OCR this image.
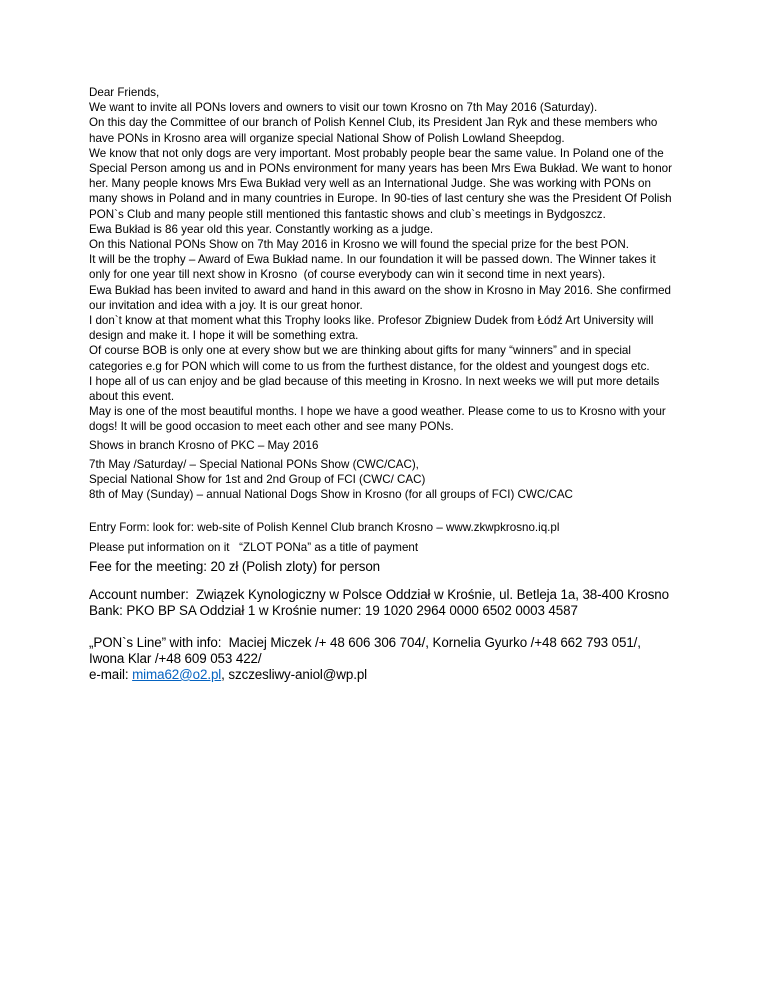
Dear Friends,
We want to invite all PONs lovers and owners to visit our town Krosno on 7th May 2016 (Saturday).
On this day the Committee of our branch of Polish Kennel Club, its President Jan Ryk and these members who
have PONs in Krosno area will organize special National Show of Polish Lowland Sheepdog.
We know that not only dogs are very important. Most probably people bear the same value. In Poland one of the
Special Person among us and in PONs environment for many years has been Mrs Ewa Bukład. We want to honor
her. Many people knows Mrs Ewa Bukład very well as an International Judge. She was working with PONs on
many shows in Poland and in many countries in Europe. In 90-ties of last century she was the President Of Polish
PON`s Club and many people still mentioned this fantastic shows and club`s meetings in Bydgoszcz.
Ewa Bukład is 86 year old this year. Constantly working as a judge.
On this National PONs Show on 7th May 2016 in Krosno we will found the special prize for the best PON.
It will be the trophy – Award of Ewa Bukład name. In our foundation it will be passed down. The Winner takes it
only for one year till next show in Krosno  (of course everybody can win it second time in next years).
Ewa Bukład has been invited to award and hand in this award on the show in Krosno in May 2016. She confirmed
our invitation and idea with a joy. It is our great honor.
I don`t know at that moment what this Trophy looks like. Profesor Zbigniew Dudek from Łódź Art University will
design and make it. I hope it will be something extra.
Of course BOB is only one at every show but we are thinking about gifts for many “winners” and in special
categories e.g for PON which will come to us from the furthest distance, for the oldest and youngest dogs etc.
I hope all of us can enjoy and be glad because of this meeting in Krosno. In next weeks we will put more details
about this event.
May is one of the most beautiful months. I hope we have a good weather. Please come to us to Krosno with your
dogs! It will be good occasion to meet each other and see many PONs.
Shows in branch Krosno of PKC – May 2016
7th May /Saturday/ – Special National PONs Show (CWC/CAC),
Special National Show for 1st and 2nd Group of FCI (CWC/ CAC)
8th of May (Sunday) – annual National Dogs Show in Krosno (for all groups of FCI) CWC/CAC
Entry Form: look for: web-site of Polish Kennel Club branch Krosno – www.zkwpkrosno.iq.pl
Please put information on it   “ZLOT PONa” as a title of payment
Fee for the meeting: 20 zł (Polish zloty) for person
Account number:  Związek Kynologiczny w Polsce Oddział w Krośnie, ul. Betleja 1a, 38-400 Krosno
Bank: PKO BP SA Oddział 1 w Krośnie numer: 19 1020 2964 0000 6502 0003 4587
„PON`s Line” with info:  Maciej Miczek /+ 48 606 306 704/, Kornelia Gyurko /+48 662 793 051/,
Iwona Klar /+48 609 053 422/
e-mail: mima62@o2.pl, szczesliwy-aniol@wp.pl
